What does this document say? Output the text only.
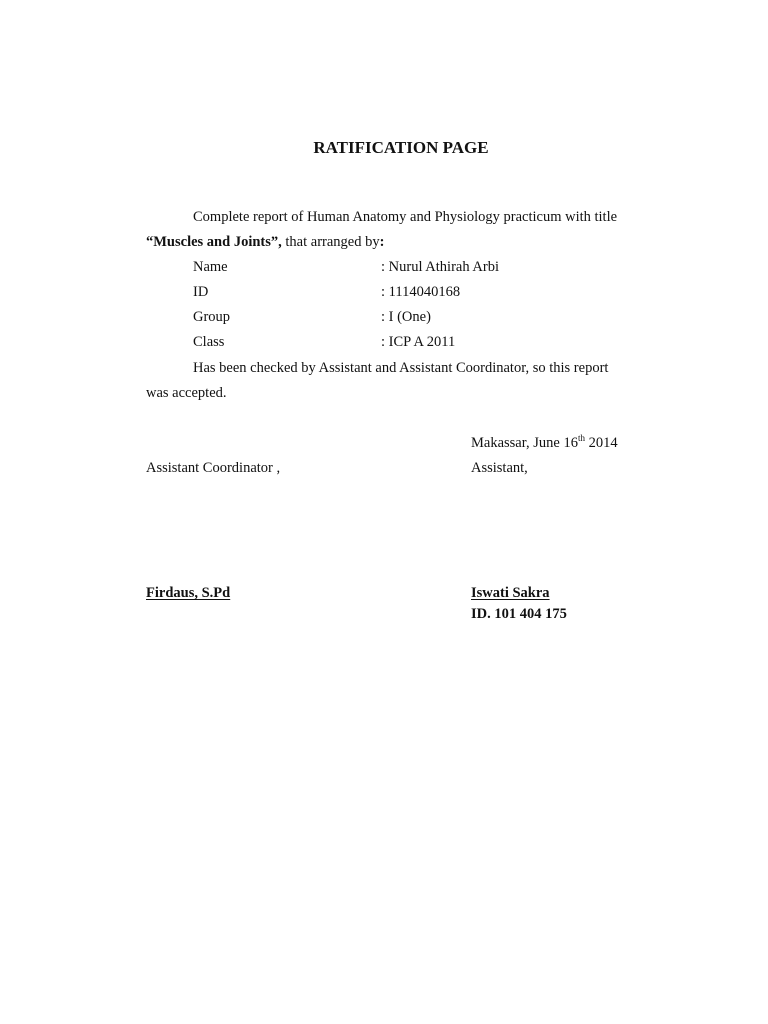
RATIFICATION PAGE
Complete report of Human Anatomy and Physiology practicum with title
“Muscles and Joints”, that arranged by:
Name	: Nurul Athirah Arbi
ID	: 1114040168
Group	: I (One)
Class	: ICP A 2011
Has been checked by Assistant and Assistant Coordinator, so this report
was accepted.
Makassar, June 16th 2014
Assistant Coordinator ,	Assistant,
Firdaus, S.Pd	Iswati Sakra
ID. 101 404 175
